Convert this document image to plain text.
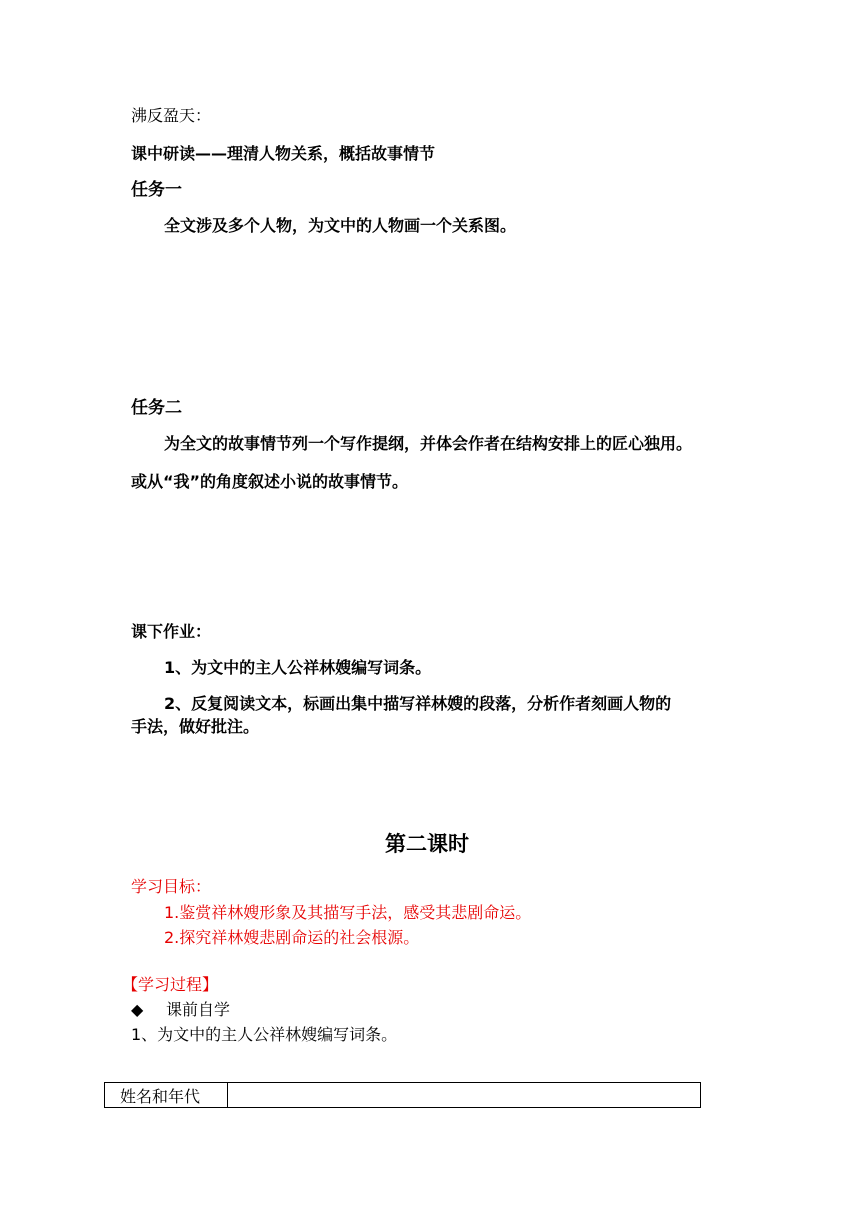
沸反盈天：
课中研读——理清人物关系，概括故事情节
任务一
全文涉及多个人物，为文中的人物画一个关系图。
任务二
为全文的故事情节列一个写作提纲，并体会作者在结构安排上的匠心独用。
或从“我”的角度叙述小说的故事情节。
课下作业：
1、为文中的主人公祥林嫂编写词条。
2、反复阅读文本，标画出集中描写祥林嫂的段落，分析作者刻画人物的
手法，做好批注。
第二课时
学习目标：
1.鉴赏祥林嫂形象及其描写手法，感受其悲剧命运。
2.探究祥林嫂悲剧命运的社会根源。
【学习过程】
◆ 课前自学
1、为文中的主人公祥林嫂编写词条。
姓名和年代	
